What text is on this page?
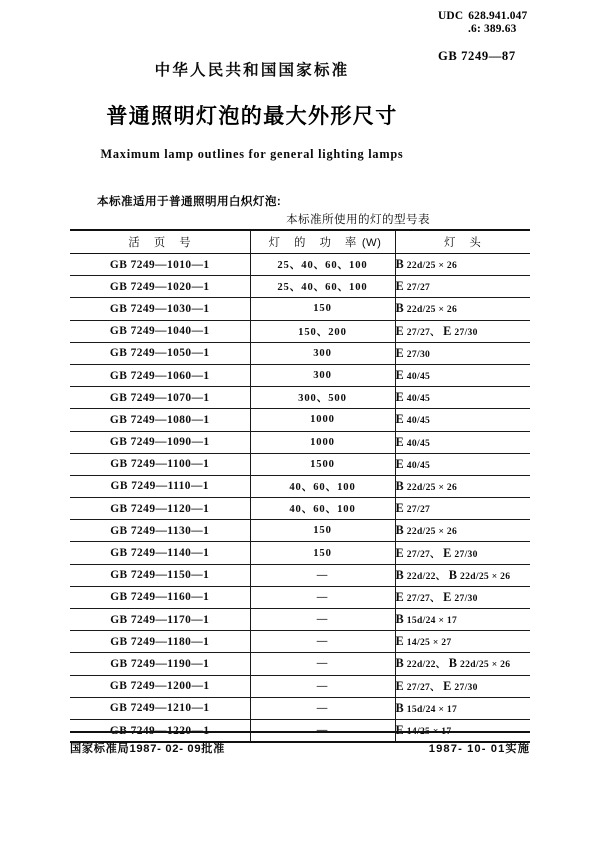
中华人民共和国国家标准
普通照明灯泡的最大外形尺寸
Maximum lamp outlines for general lighting lamps
UDC 628.941.047
.6: 389.63
GB 7249—87
本标准适用于普通照明用白炽灯泡:
本标准所使用的灯的型号表
活 页 号	灯 的 功 率(W)	灯 头

GB 7249—1010—1	25、40、60、100	B 22d/25 × 26
GB 7249—1020—1	25、40、60、100	E 27/27
GB 7249—1030—1	150	B 22d/25 × 26
GB 7249—1040—1	150、200	E 27/27、 E 27/30
GB 7249—1050—1	300	E 27/30
GB 7249—1060—1	300	E 40/45
GB 7249—1070—1	300、500	E 40/45
GB 7249—1080—1	1000	E 40/45
GB 7249—1090—1	1000	E 40/45
GB 7249—1100—1	1500	E 40/45
GB 7249—1110—1	40、60、100	B 22d/25 × 26
GB 7249—1120—1	40、60、100	E 27/27
GB 7249—1130—1	150	B 22d/25 × 26
GB 7249—1140—1	150	E 27/27、 E 27/30
GB 7249—1150—1	—	B 22d/22、 B 22d/25 × 26
GB 7249—1160—1	—	E 27/27、 E 27/30
GB 7249—1170—1	—	B 15d/24 × 17
GB 7249—1180—1	—	E 14/25 × 27
GB 7249—1190—1	—	B 22d/22、 B 22d/25 × 26
GB 7249—1200—1	—	E 27/27、 E 27/30
GB 7249—1210—1	—	B 15d/24 × 17
GB 7249—1220—1	—	E 14/25 × 17
国家标准局1987- 02- 09批准	1987- 10- 01实施
